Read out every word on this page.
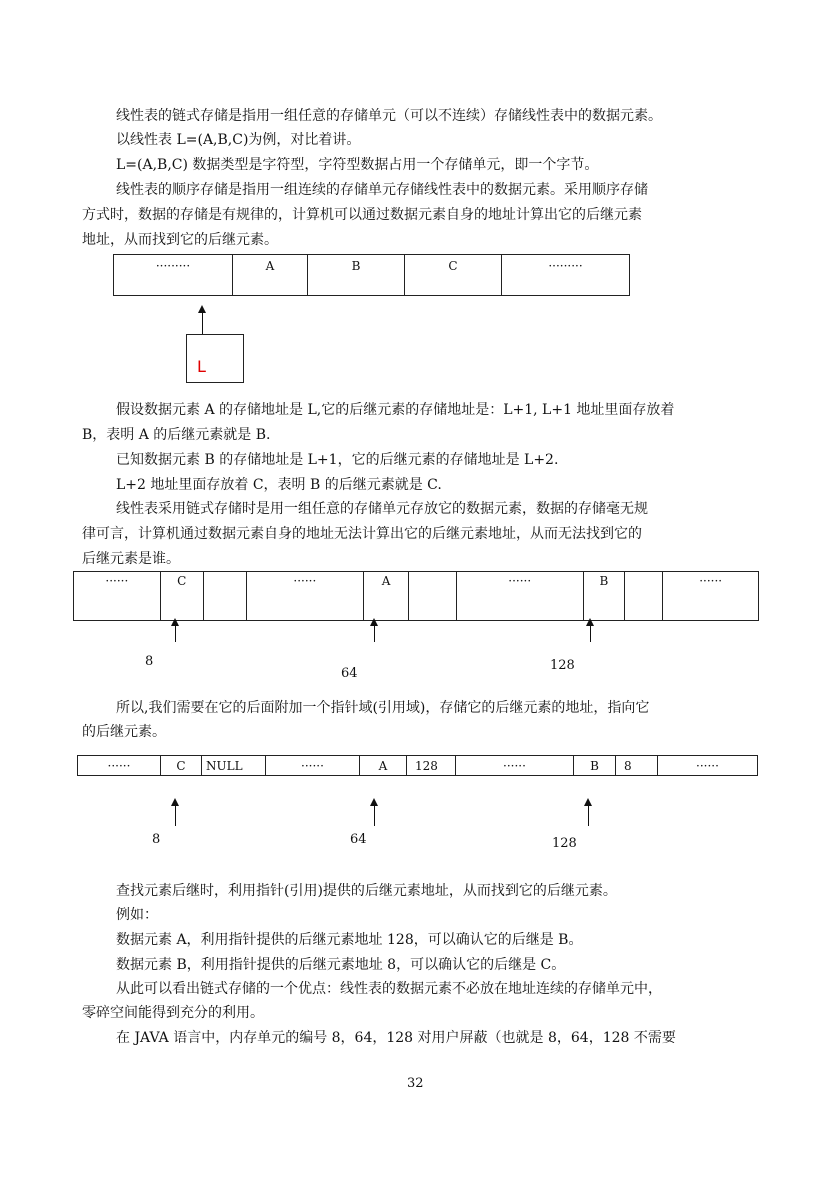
线性表的链式存储是指用一组任意的存储单元（可以不连续）存储线性表中的数据元素。
以线性表 L=(A,B,C)为例，对比着讲。
L=(A,B,C) 数据类型是字符型，字符型数据占用一个存储单元，即一个字节。
线性表的顺序存储是指用一组连续的存储单元存储线性表中的数据元素。采用顺序存储
方式时，数据的存储是有规律的，计算机可以通过数据元素自身的地址计算出它的后继元素
地址，从而找到它的后继元素。
·········	A	B	C	·········
L
假设数据元素 A 的存储地址是 L,它的后继元素的存储地址是：L+1, L+1 地址里面存放着
B，表明 A 的后继元素就是 B.
已知数据元素 B 的存储地址是 L+1，它的后继元素的存储地址是 L+2.
L+2 地址里面存放着 C，表明 B 的后继元素就是 C.
线性表采用链式存储时是用一组任意的存储单元存放它的数据元素，数据的存储毫无规
律可言，计算机通过数据元素自身的地址无法计算出它的后继元素地址，从而无法找到它的
后继元素是谁。
······	C	······	A	······	B	······
8
64
128
所以,我们需要在它的后面附加一个指针域(引用域)，存储它的后继元素的地址，指向它
的后继元素。
······	C	NULL	······	A	128	······	B	8	······
8	64	128
查找元素后继时，利用指针(引用)提供的后继元素地址，从而找到它的后继元素。
例如：
数据元素 A，利用指针提供的后继元素地址 128，可以确认它的后继是 B。
数据元素 B，利用指针提供的后继元素地址 8，可以确认它的后继是 C。
从此可以看出链式存储的一个优点：线性表的数据元素不必放在地址连续的存储单元中，
零碎空间能得到充分的利用。
在 JAVA 语言中，内存单元的编号 8，64，128 对用户屏蔽（也就是 8，64，128 不需要
32
